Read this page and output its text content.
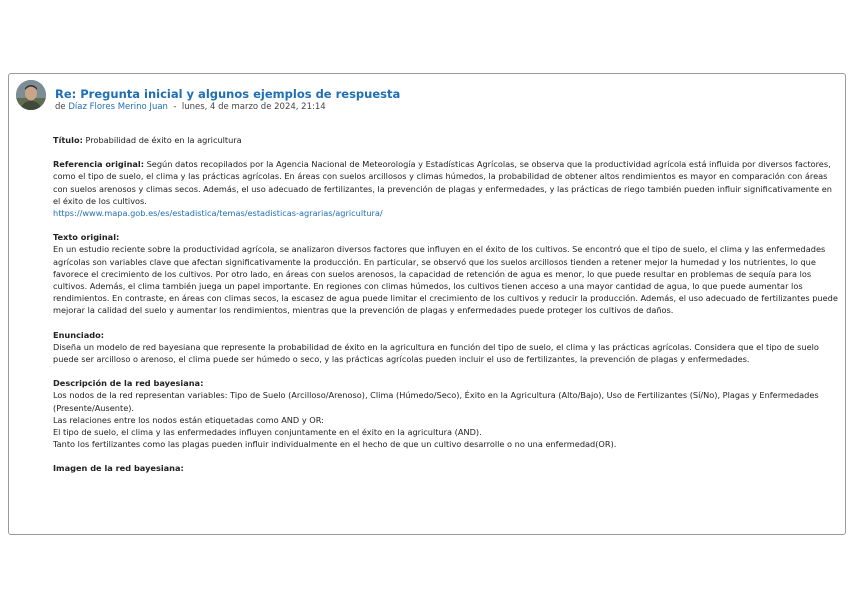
Re: Pregunta inicial y algunos ejemplos de respuesta
de Díaz Flores Merino Juan  -  lunes, 4 de marzo de 2024, 21:14

Título: Probabilidad de éxito en la agricultura

Referencia original: Según datos recopilados por la Agencia Nacional de Meteorología y Estadísticas Agrícolas, se observa que la productividad agrícola está influida por diversos factores, como el tipo de suelo, el clima y las prácticas agrícolas. En áreas con suelos arcillosos y climas húmedos, la probabilidad de obtener altos rendimientos es mayor en comparación con áreas con suelos arenosos y climas secos. Además, el uso adecuado de fertilizantes, la prevención de plagas y enfermedades, y las prácticas de riego también pueden influir significativamente en el éxito de los cultivos.

https://www.mapa.gob.es/es/estadistica/temas/estadisticas-agrarias/agricultura/

Texto original:

En un estudio reciente sobre la productividad agrícola, se analizaron diversos factores que influyen en el éxito de los cultivos. Se encontró que el tipo de suelo, el clima y las enfermedades agrícolas son variables clave que afectan significativamente la producción. En particular, se observó que los suelos arcillosos tienden a retener mejor la humedad y los nutrientes, lo que favorece el crecimiento de los cultivos. Por otro lado, en áreas con suelos arenosos, la capacidad de retención de agua es menor, lo que puede resultar en problemas de sequía para los cultivos. Además, el clima también juega un papel importante. En regiones con climas húmedos, los cultivos tienen acceso a una mayor cantidad de agua, lo que puede aumentar los rendimientos. En contraste, en áreas con climas secos, la escasez de agua puede limitar el crecimiento de los cultivos y reducir la producción. Además, el uso adecuado de fertilizantes puede mejorar la calidad del suelo y aumentar los rendimientos, mientras que la prevención de plagas y enfermedades puede proteger los cultivos de daños.

Enunciado:

Diseña un modelo de red bayesiana que represente la probabilidad de éxito en la agricultura en función del tipo de suelo, el clima y las prácticas agrícolas. Considera que el tipo de suelo puede ser arcilloso o arenoso, el clima puede ser húmedo o seco, y las prácticas agrícolas pueden incluir el uso de fertilizantes, la prevención de plagas y enfermedades.

Descripción de la red bayesiana:

Los nodos de la red representan variables: Tipo de Suelo (Arcilloso/Arenoso), Clima (Húmedo/Seco), Éxito en la Agricultura (Alto/Bajo), Uso de Fertilizantes (Sí/No), Plagas y Enfermedades (Presente/Ausente).

Las relaciones entre los nodos están etiquetadas como AND y OR:

El tipo de suelo, el clima y las enfermedades influyen conjuntamente en el éxito en la agricultura (AND).

Tanto los fertilizantes como las plagas pueden influir individualmente en el hecho de que un cultivo desarrolle o no una enfermedad(OR).

Imagen de la red bayesiana:
